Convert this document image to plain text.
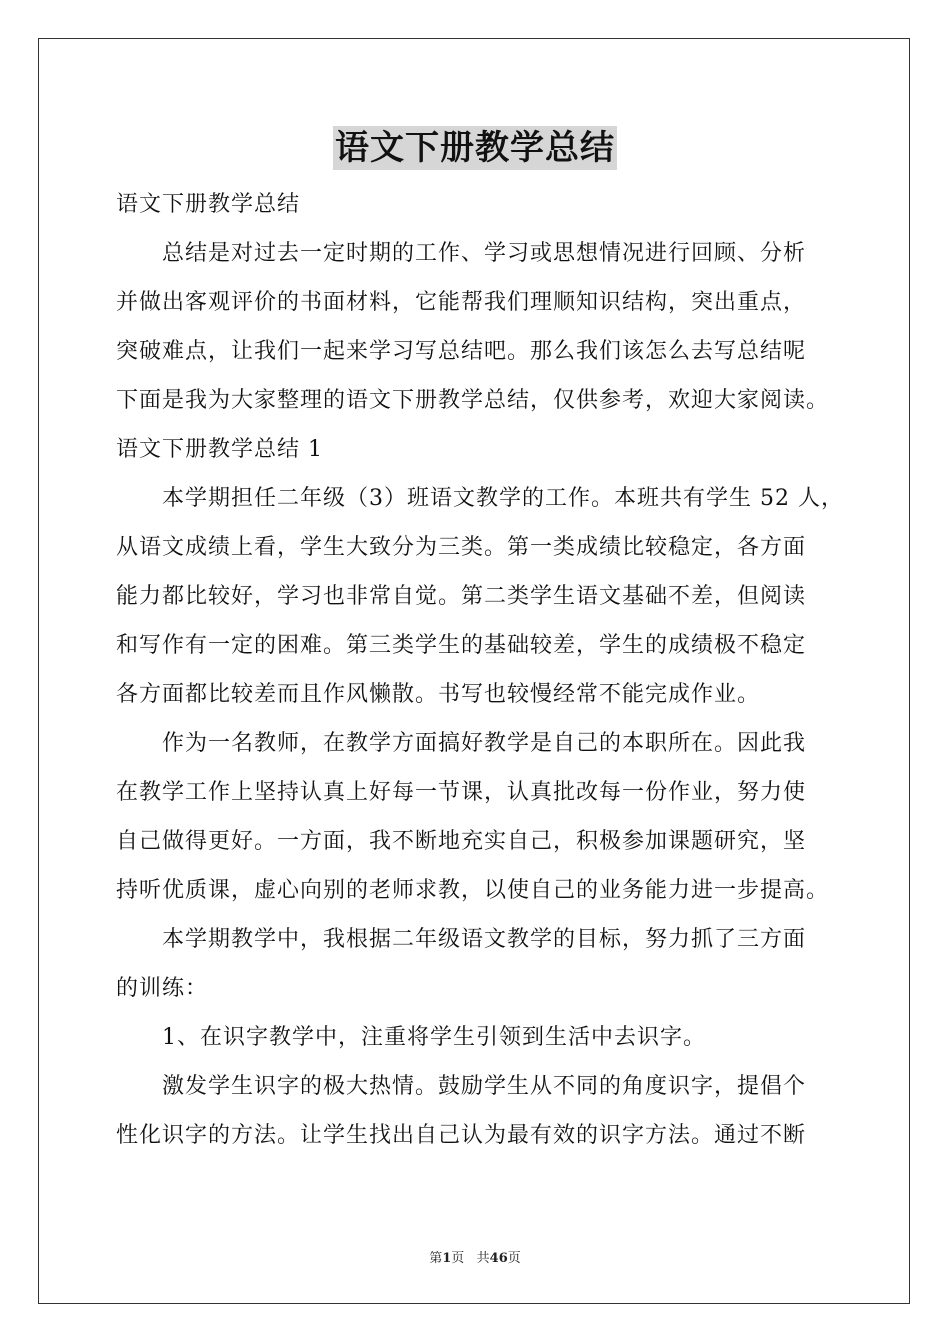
语文下册教学总结
语文下册教学总结
总结是对过去一定时期的工作、学习或思想情况进行回顾、分析
并做出客观评价的书面材料，它能帮我们理顺知识结构，突出重点，
突破难点，让我们一起来学习写总结吧。那么我们该怎么去写总结呢
下面是我为大家整理的语文下册教学总结，仅供参考，欢迎大家阅读。
语文下册教学总结 1
本学期担任二年级（3）班语文教学的工作。本班共有学生 52 人，
从语文成绩上看，学生大致分为三类。第一类成绩比较稳定，各方面
能力都比较好，学习也非常自觉。第二类学生语文基础不差，但阅读
和写作有一定的困难。第三类学生的基础较差，学生的成绩极不稳定
各方面都比较差而且作风懒散。书写也较慢经常不能完成作业。
作为一名教师，在教学方面搞好教学是自己的本职所在。因此我
在教学工作上坚持认真上好每一节课，认真批改每一份作业，努力使
自己做得更好。一方面，我不断地充实自己，积极参加课题研究，坚
持听优质课，虚心向别的老师求教，以使自己的业务能力进一步提高。
本学期教学中，我根据二年级语文教学的目标，努力抓了三方面
的训练：
1、在识字教学中，注重将学生引领到生活中去识字。
激发学生识字的极大热情。鼓励学生从不同的角度识字，提倡个
性化识字的方法。让学生找出自己认为最有效的识字方法。通过不断
第1页   共46页
